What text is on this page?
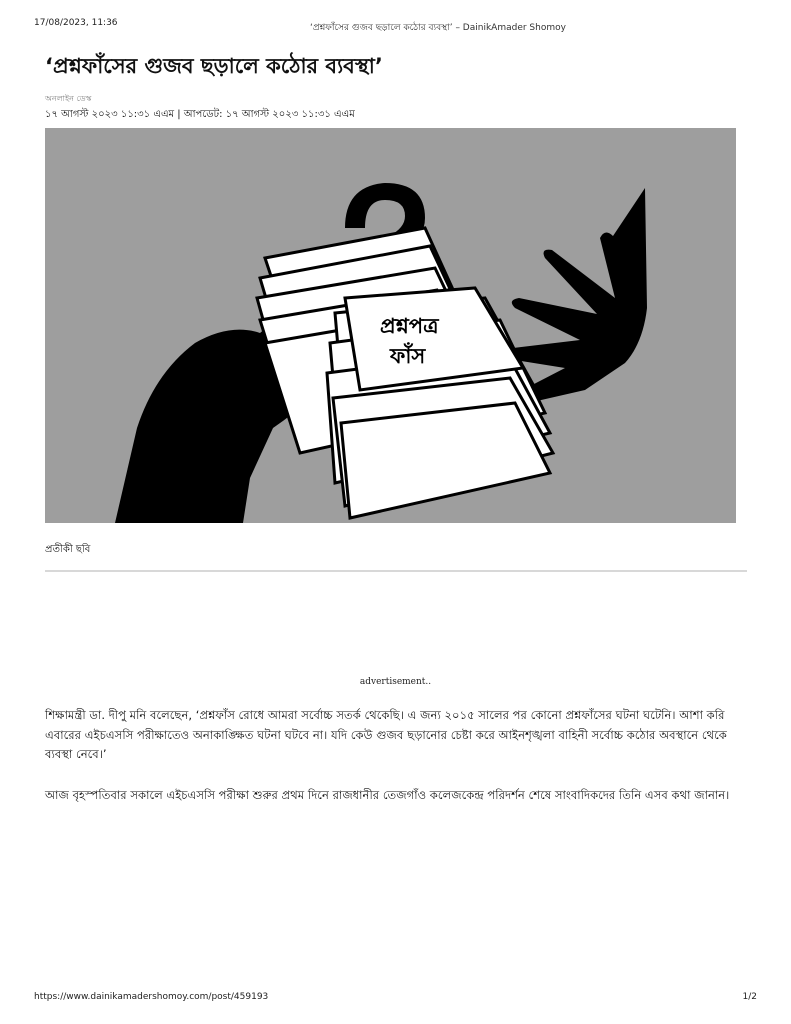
17/08/2023, 11:36	‘প্রশ্নফাঁসের গুজব ছড়ালে কঠোর ব্যবস্থা’ – DainikAmader Shomoy
‘প্রশ্নফাঁসের গুজব ছড়ালে কঠোর ব্যবস্থা’
অনলাইন ডেস্ক
১৭ আগস্ট ২০২৩ ১১:৩১ এএম | আপডেট: ১৭ আগস্ট ২০২৩ ১১:৩১ এএম
প্রশ্নপত্র
ফাঁস
প্রতীকী ছবি
advertisement..

শিক্ষামন্ত্রী ডা. দীপু মনি বলেছেন, ‘প্রশ্নফাঁস রোধে আমরা সর্বোচ্চ সতর্ক থেকেছি। এ জন্য ২০১৫ সালের পর কোনো প্রশ্নফাঁসের ঘটনা ঘটেনি। আশা করি এবারের এইচএসসি পরীক্ষাতেও অনাকাঙ্ক্ষিত ঘটনা ঘটবে না। যদি কেউ গুজব ছড়ানোর চেষ্টা করে আইনশৃঙ্খলা বাহিনী সর্বোচ্চ কঠোর অবস্থানে থেকে ব্যবস্থা নেবে।’

আজ বৃহস্পতিবার সকালে এইচএসসি পরীক্ষা শুরুর প্রথম দিনে রাজধানীর তেজগাঁও কলেজকেন্দ্র পরিদর্শন শেষে সাংবাদিকদের তিনি এসব কথা জানান।

https://www.dainikamadershomoy.com/post/459193	1/2
